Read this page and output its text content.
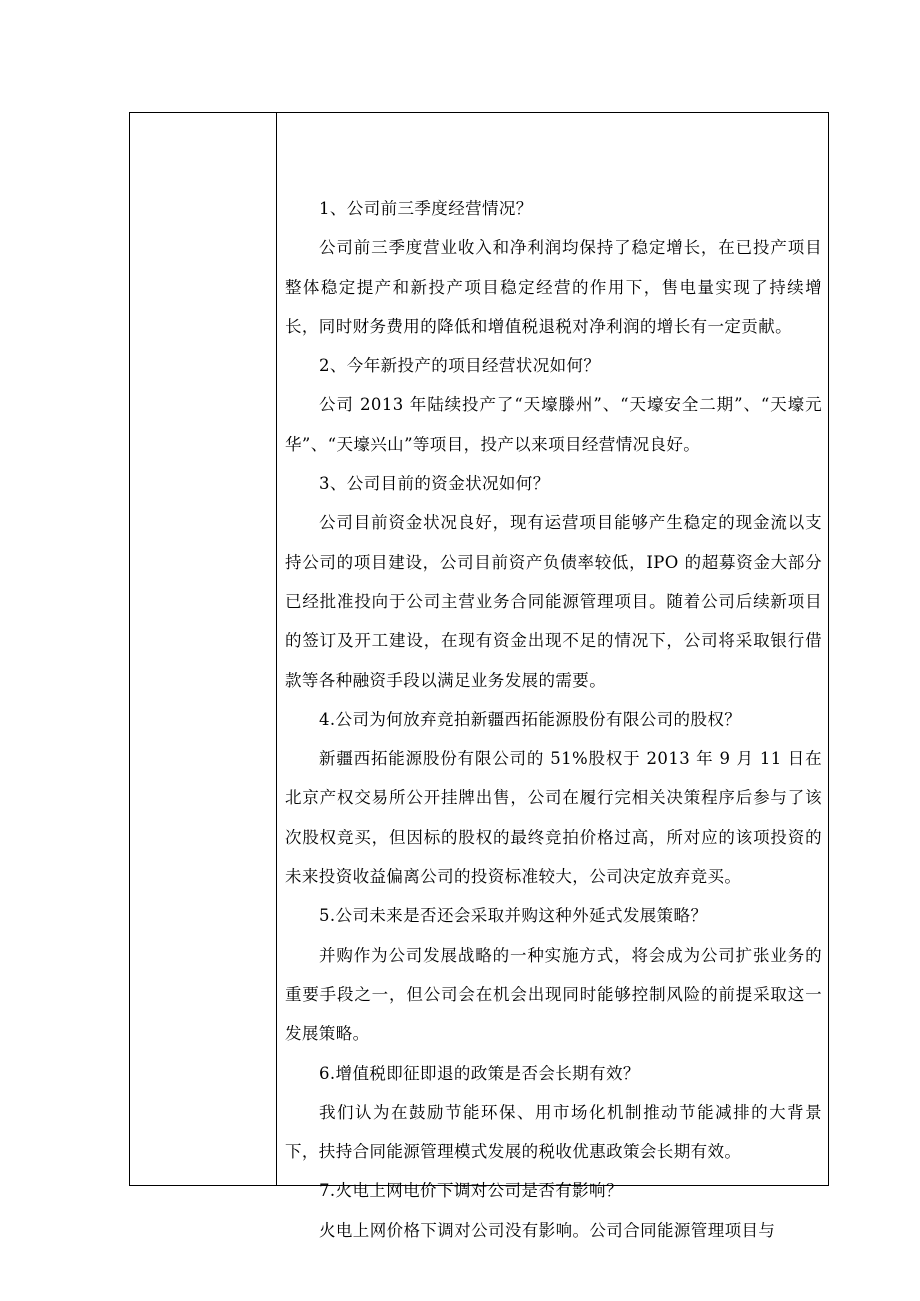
1、公司前三季度经营情况？

公司前三季度营业收入和净利润均保持了稳定增长，在已投产项目整体稳定提产和新投产项目稳定经营的作用下，售电量实现了持续增长，同时财务费用的降低和增值税退税对净利润的增长有一定贡献。

2、今年新投产的项目经营状况如何？

公司 2013 年陆续投产了“天壕滕州”、“天壕安全二期”、“天壕元华”、“天壕兴山”等项目，投产以来项目经营情况良好。

3、公司目前的资金状况如何？

公司目前资金状况良好，现有运营项目能够产生稳定的现金流以支持公司的项目建设，公司目前资产负债率较低，IPO 的超募资金大部分已经批准投向于公司主营业务合同能源管理项目。随着公司后续新项目的签订及开工建设，在现有资金出现不足的情况下，公司将采取银行借款等各种融资手段以满足业务发展的需要。

4.公司为何放弃竞拍新疆西拓能源股份有限公司的股权？

新疆西拓能源股份有限公司的 51%股权于 2013 年 9 月 11 日在北京产权交易所公开挂牌出售，公司在履行完相关决策程序后参与了该次股权竞买，但因标的股权的最终竞拍价格过高，所对应的该项投资的未来投资收益偏离公司的投资标准较大，公司决定放弃竞买。

5.公司未来是否还会采取并购这种外延式发展策略？

并购作为公司发展战略的一种实施方式，将会成为公司扩张业务的重要手段之一，但公司会在机会出现同时能够控制风险的前提采取这一发展策略。

6.增值税即征即退的政策是否会长期有效？

我们认为在鼓励节能环保、用市场化机制推动节能减排的大背景下，扶持合同能源管理模式发展的税收优惠政策会长期有效。

7.火电上网电价下调对公司是否有影响？

火电上网价格下调对公司没有影响。公司合同能源管理项目与
